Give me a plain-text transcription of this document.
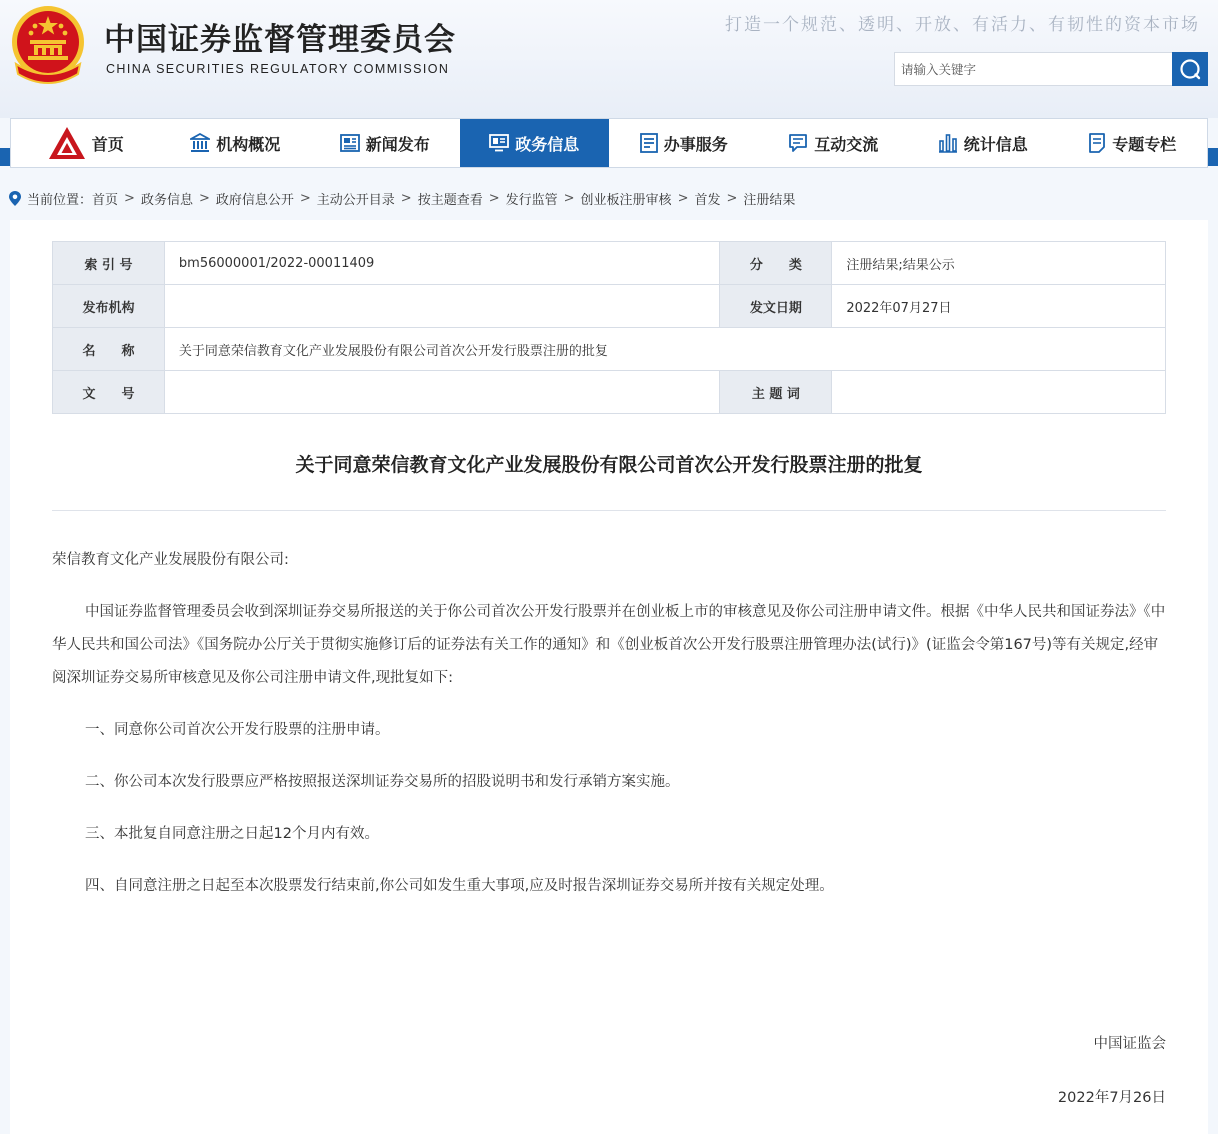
中国证券监督管理委员会
CHINA SECURITIES REGULATORY COMMISSION
打造一个规范、透明、开放、有活力、有韧性的资本市场
请输入关键字
首页	机构概况	新闻发布	政务信息	办事服务	互动交流	统计信息	专题专栏
当前位置： 首页 > 政务信息 > 政府信息公开 > 主动公开目录 > 按主题查看 > 发行监管 > 创业板注册审核 > 首发 > 注册结果
索 引 号	bm56000001/2022-00011409	分　　类	注册结果;结果公示
发布机构		发文日期	2022年07月27日
名　　称	关于同意荣信教育文化产业发展股份有限公司首次公开发行股票注册的批复		
文　　号		主 题 词	
关于同意荣信教育文化产业发展股份有限公司首次公开发行股票注册的批复

荣信教育文化产业发展股份有限公司:

中国证券监督管理委员会收到深圳证券交易所报送的关于你公司首次公开发行股票并在创业板上市的审核意见及你公司注册申请文件。根据《中华人民共和国证券法》《中华人民共和国公司法》《国务院办公厅关于贯彻实施修订后的证券法有关工作的通知》和《创业板首次公开发行股票注册管理办法(试行)》(证监会令第167号)等有关规定,经审阅深圳证券交易所审核意见及你公司注册申请文件,现批复如下:

一、同意你公司首次公开发行股票的注册申请。

二、你公司本次发行股票应严格按照报送深圳证券交易所的招股说明书和发行承销方案实施。

三、本批复自同意注册之日起12个月内有效。

四、自同意注册之日起至本次股票发行结束前,你公司如发生重大事项,应及时报告深圳证券交易所并按有关规定处理。

中国证监会
2022年7月26日
